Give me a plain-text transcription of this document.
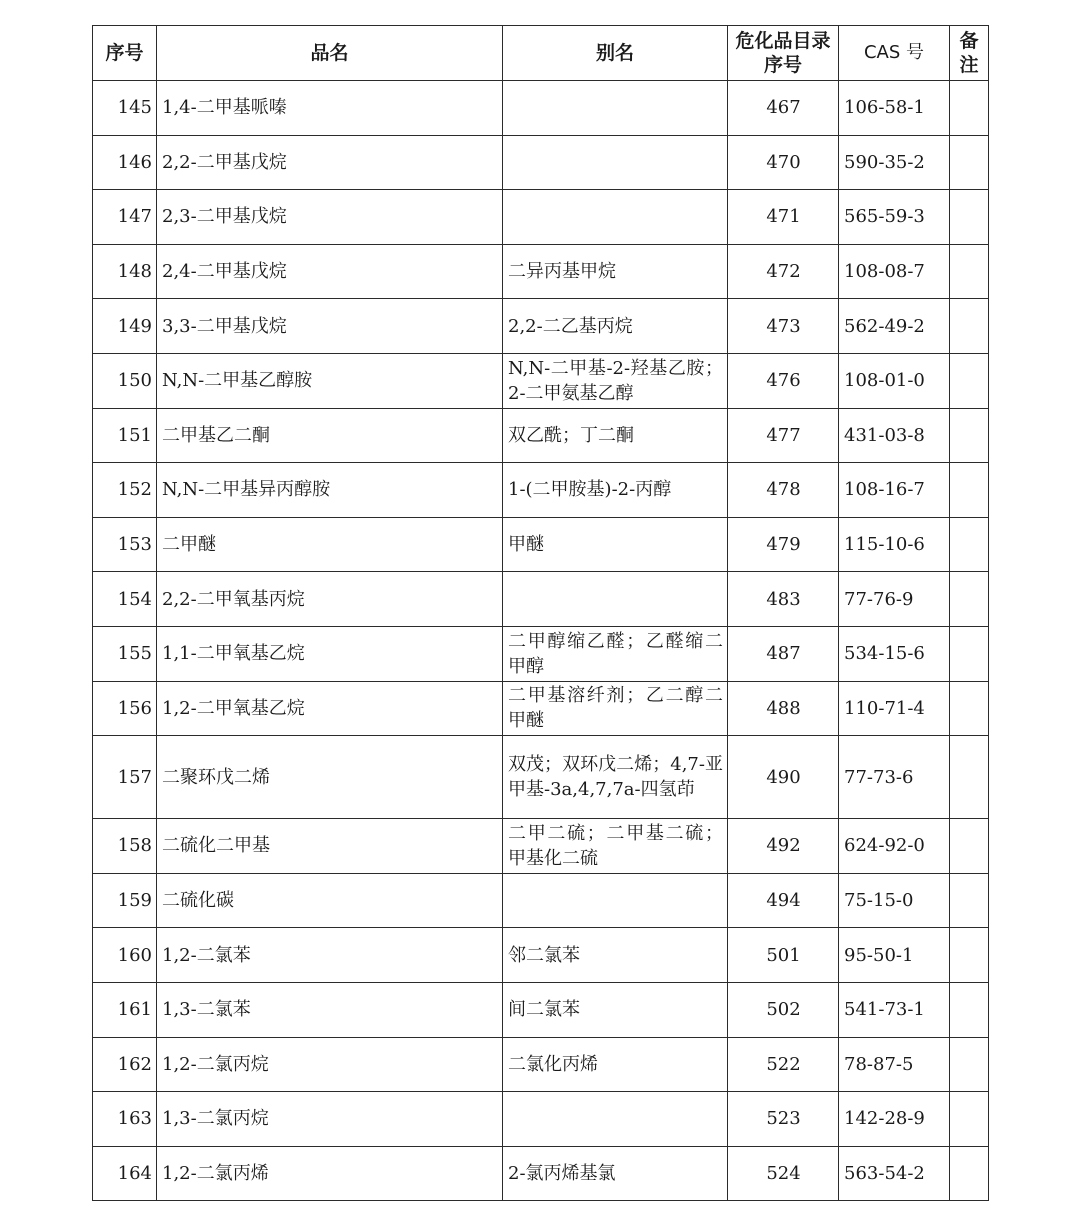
序号	品名	别名	危化品目录序号	CAS 号	备注

145	1,4-二甲基哌嗪		467	106-58-1	

146	2,2-二甲基戊烷		470	590-35-2	

147	2,3-二甲基戊烷		471	565-59-3	

148	2,4-二甲基戊烷	二异丙基甲烷	472	108-08-7	

149	3,3-二甲基戊烷	2,2-二乙基丙烷	473	562-49-2	

150	N,N-二甲基乙醇胺	N,N-二甲基-2-羟基乙胺；2-二甲氨基乙醇	476	108-01-0	

151	二甲基乙二酮	双乙酰；丁二酮	477	431-03-8	

152	N,N-二甲基异丙醇胺	1-(二甲胺基)-2-丙醇	478	108-16-7	

153	二甲醚	甲醚	479	115-10-6	

154	2,2-二甲氧基丙烷		483	77-76-9	

155	1,1-二甲氧基乙烷	二甲醇缩乙醛；乙醛缩二甲醇	487	534-15-6	

156	1,2-二甲氧基乙烷	二甲基溶纤剂；乙二醇二甲醚	488	110-71-4	

157	二聚环戊二烯	双茂；双环戊二烯；4,7-亚甲基-3a,4,7,7a-四氢茚	490	77-73-6	

158	二硫化二甲基	二甲二硫；二甲基二硫；甲基化二硫	492	624-92-0	

159	二硫化碳		494	75-15-0	

160	1,2-二氯苯	邻二氯苯	501	95-50-1	

161	1,3-二氯苯	间二氯苯	502	541-73-1	

162	1,2-二氯丙烷	二氯化丙烯	522	78-87-5	

163	1,3-二氯丙烷		523	142-28-9	

164	1,2-二氯丙烯	2-氯丙烯基氯	524	563-54-2	
